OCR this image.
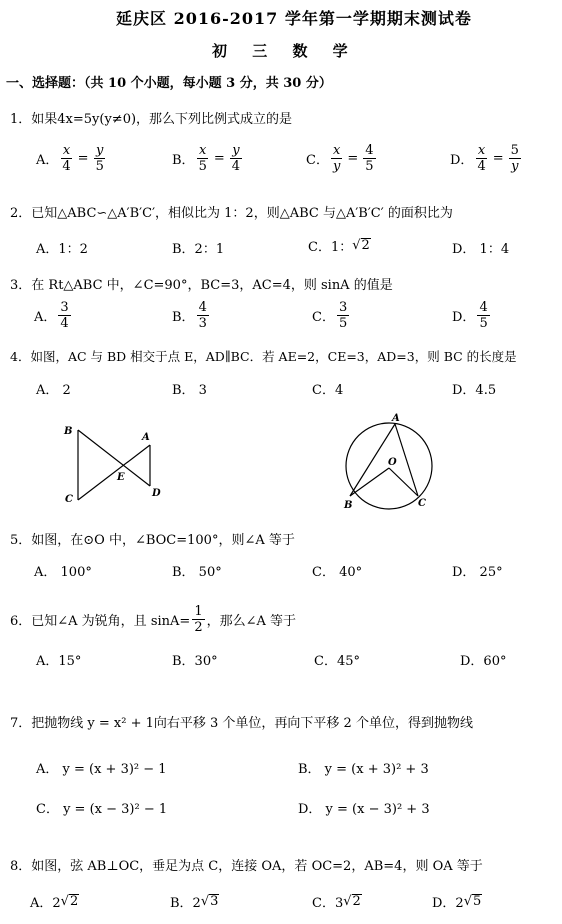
延庆区 2016-2017 学年第一学期期末测试卷
初 三 数 学
一、选择题：（共 10 个小题，每小题 3 分，共 30 分）
1．如果4x=5y(y≠0)，那么下列比例式成立的是
A． $\frac{x}{4} = \frac{y}{5}$	B． $\frac{x}{5} = \frac{y}{4}$	C． $\frac{x}{y} = \frac{4}{5}$	D． $\frac{x}{4} = \frac{5}{y}$
2．已知△ABC∽△A′B′C′，相似比为 1：2，则△ABC 与△A′B′C′ 的面积比为
A．1：2	B．2：1	C．1： √ 2	D． 1：4
3．在 Rt△ABC 中，∠C=90°，BC=3，AC=4，则 sinA 的值是
A． $\frac{3}{4}$	B． $\frac{4}{3}$	C． $\frac{3}{5}$	D． $\frac{4}{5}$
4．如图，AC 与 BD 相交于点 E，AD∥BC．若 AE=2，CE=3，AD=3，则 BC 的长度是
A． 2	B． 3	C．4	D．4.5
B
A
E
C
D
A
O
B	C
5．如图，在⊙O 中，∠BOC=100°，则∠A 等于
A． 100°	B． 50°	C． 40°	D． 25°
6．已知∠A 为锐角，且 $\sin A= \frac{1}{2}$ ，那么∠A 等于
A．15°	B．30°	C．45°	D．60°
7．把抛物线 y = x² + 1向右平移 3 个单位，再向下平移 2 个单位，得到抛物线
A． y = (x + 3)² − 1	B． y = (x + 3)² + 3
C． y = (x − 3)² − 1	D． y = (x − 3)² + 3
8．如图，弦 AB⊥OC，垂足为点 C，连接 OA，若 OC=2，AB=4，则 OA 等于
A．2 √ 2	B．2 √ 3	C．3 √ 2	D．2 √ 5
